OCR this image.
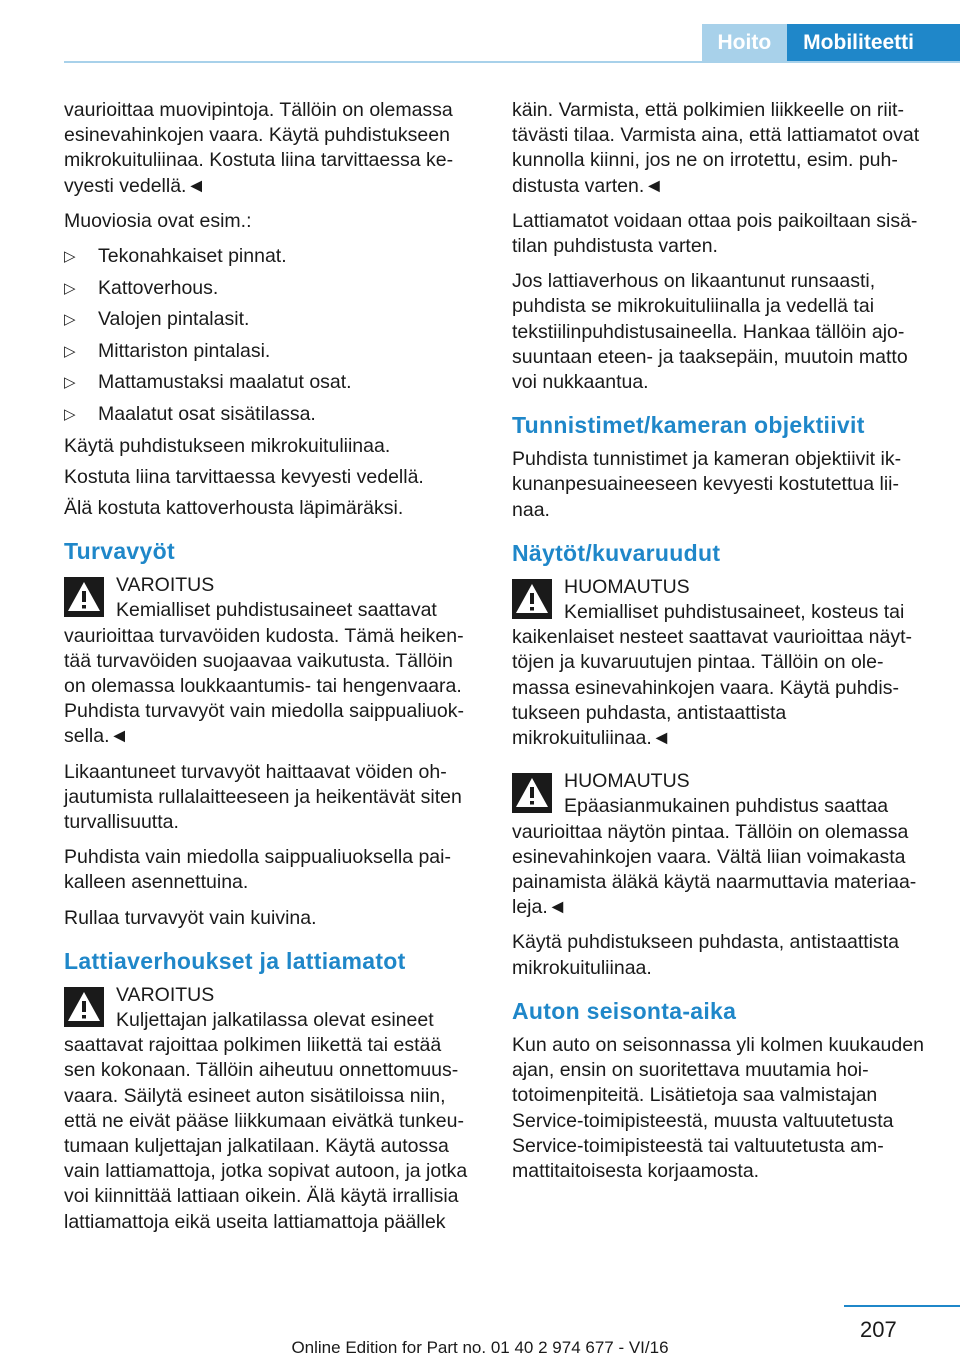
Hoito	Mobiliteetti

vaurioittaa muovipintoja. Tällöin on olemassa esinevahinkojen vaara. Käytä puhdistukseen mikrokuituliinaa. Kostuta liina tarvittaessa kevyesti vedellä.◄

Muoviosia ovat esim.:

▷ Tekonahkaiset pinnat.
▷ Kattoverhous.
▷ Valojen pintalasit.
▷ Mittariston pintalasi.
▷ Mattamustaksi maalatut osat.
▷ Maalatut osat sisätilassa.

Käytä puhdistukseen mikrokuituliinaa.

Kostuta liina tarvittaessa kevyesti vedellä.

Älä kostuta kattoverhousta läpimäräksi.

Turvavyöt
VAROITUS
Kemialliset puhdistusaineet saattavat vaurioittaa turvavöiden kudosta. Tämä heikentää turvavöiden suojaavaa vaikutusta. Tällöin on olemassa loukkaantumis- tai hengenvaara. Puhdista turvavyöt vain miedolla saippualiuoksella.◄

Likaantuneet turvavyöt haittaavat vöiden ohjautumista rullalaitteeseen ja heikentävät siten turvallisuutta.

Puhdista vain miedolla saippualiuoksella paikalleen asennettuina.

Rullaa turvavyöt vain kuivina.

Lattiaverhoukset ja lattiamatot
VAROITUS
Kuljettajan jalkatilassa olevat esineet saattavat rajoittaa polkimen liikettä tai estää sen kokonaan. Tällöin aiheutuu onnettomuusvaara. Säilytä esineet auton sisätiloissa niin, että ne eivät pääse liikkumaan eivätkä tunkeutumaan kuljettajan jalkatilaan. Käytä autossa vain lattiamattoja, jotka sopivat autoon, ja jotka voi kiinnittää lattiaan oikein. Älä käytä irrallisia lattiamattoja eikä useita lattiamattoja päällek

käin. Varmista, että polkimien liikkeelle on riittävästi tilaa. Varmista aina, että lattiamatot ovat kunnolla kiinni, jos ne on irrotettu, esim. puhdistusta varten.◄

Lattiamatot voidaan ottaa pois paikoiltaan sisätilan puhdistusta varten.

Jos lattiaverhous on likaantunut runsaasti, puhdista se mikrokuituliinalla ja vedellä tai tekstiilinpuhdistusaineella. Hankaa tällöin ajosuuntaan eteen- ja taaksepäin, muutoin matto voi nukkaantua.

Tunnistimet/kameran objektiivit

Puhdista tunnistimet ja kameran objektiivit ikkunanpesuaineeseen kevyesti kostutettua liinaa.

Näytöt/kuvaruudut
HUOMAUTUS
Kemialliset puhdistusaineet, kosteus tai kaikenlaiset nesteet saattavat vaurioittaa näyttöjen ja kuvaruutujen pintaa. Tällöin on olemassa esinevahinkojen vaara. Käytä puhdistukseen puhdasta, antistaattista mikrokuituliinaa.◄
HUOMAUTUS
Epäasianmukainen puhdistus saattaa vaurioittaa näytön pintaa. Tällöin on olemassa esinevahinkojen vaara. Vältä liian voimakasta painamista äläkä käytä naarmuttavia materiaaleja.◄

Käytä puhdistukseen puhdasta, antistaattista mikrokuituliinaa.

Auton seisonta-aika

Kun auto on seisonnassa yli kolmen kuukauden ajan, ensin on suoritettava muutamia hoitotoimenpiteitä. Lisätietoja saa valmistajan Service-toimipisteestä, muusta valtuutetusta Service-toimipisteestä tai valtuutetusta ammattitaitoisesta korjaamosta.

207
Online Edition for Part no. 01 40 2 974 677 - VI/16
